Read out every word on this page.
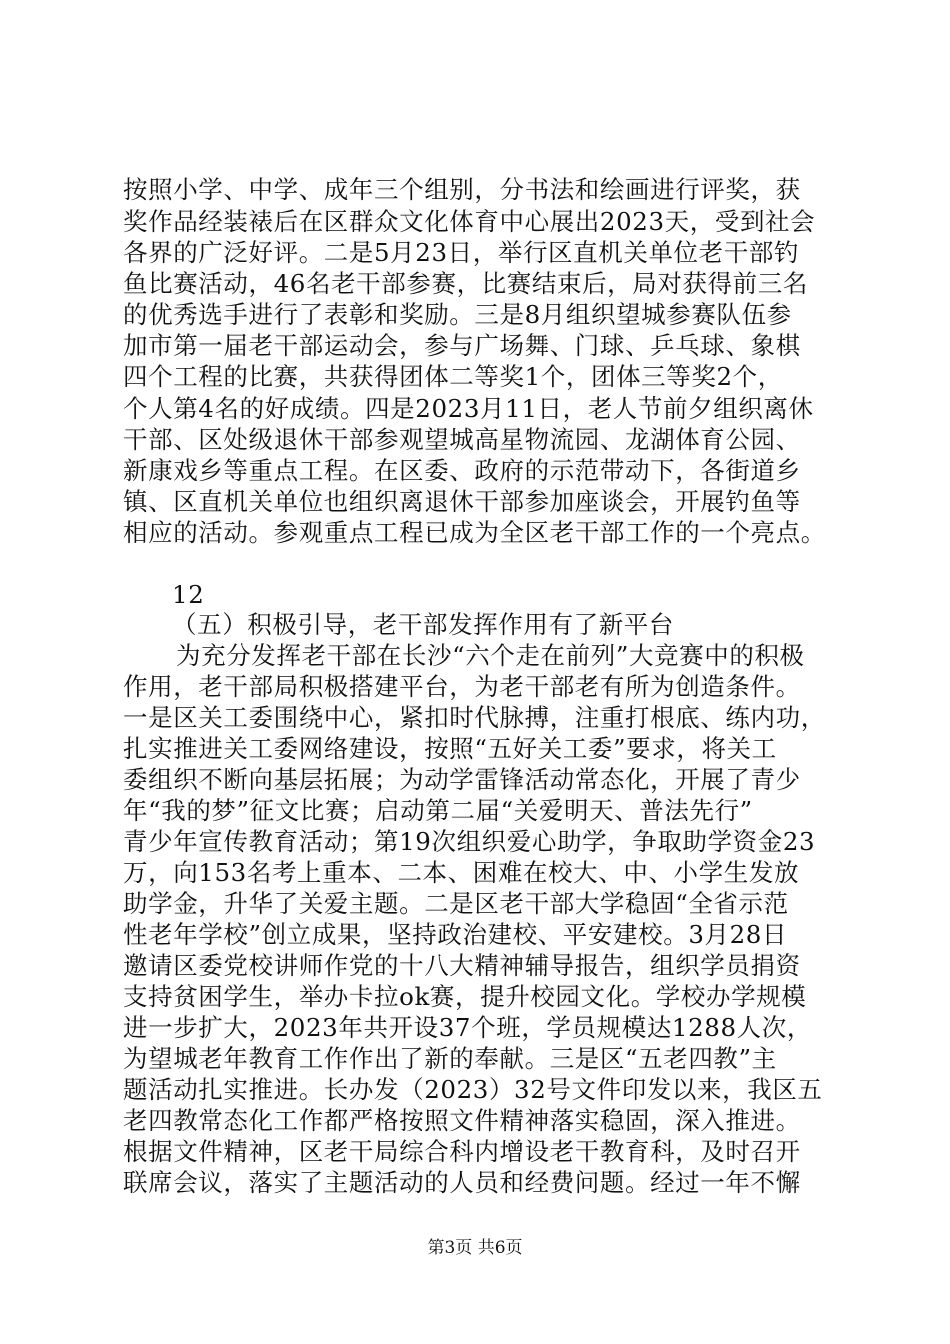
按照小学、中学、成年三个组别，分书法和绘画进行评奖，获
奖作品经装裱后在区群众文化体育中心展出2023天，受到社会
各界的广泛好评。二是5月23日，举行区直机关单位老干部钓
鱼比赛活动，46名老干部参赛，比赛结束后，局对获得前三名
的优秀选手进行了表彰和奖励。三是8月组织望城参赛队伍参
加市第一届老干部运动会，参与广场舞、门球、乒乓球、象棋
四个工程的比赛，共获得团体二等奖1个，团体三等奖2个，
个人第4名的好成绩。四是2023月11日，老人节前夕组织离休
干部、区处级退休干部参观望城高星物流园、龙湖体育公园、
新康戏乡等重点工程。在区委、政府的示范带动下，各街道乡
镇、区直机关单位也组织离退休干部参加座谈会，开展钓鱼等
相应的活动。参观重点工程已成为全区老干部工作的一个亮点。
12
（五）积极引导，老干部发挥作用有了新平台
为充分发挥老干部在长沙“六个走在前列”大竞赛中的积极
作用，老干部局积极搭建平台，为老干部老有所为创造条件。
一是区关工委围绕中心，紧扣时代脉搏，注重打根底、练内功，
扎实推进关工委网络建设，按照“五好关工委”要求，将关工
委组织不断向基层拓展；为动学雷锋活动常态化，开展了青少
年“我的梦”征文比赛；启动第二届“关爱明天、普法先行”
青少年宣传教育活动；第19次组织爱心助学，争取助学资金23
万，向153名考上重本、二本、困难在校大、中、小学生发放
助学金，升华了关爱主题。二是区老干部大学稳固“全省示范
性老年学校”创立成果，坚持政治建校、平安建校。3月28日
邀请区委党校讲师作党的十八大精神辅导报告，组织学员捐资
支持贫困学生，举办卡拉ok赛，提升校园文化。学校办学规模
进一步扩大，2023年共开设37个班，学员规模达1288人次，
为望城老年教育工作作出了新的奉献。三是区“五老四教”主
题活动扎实推进。长办发（2023）32号文件印发以来，我区五
老四教常态化工作都严格按照文件精神落实稳固，深入推进。
根据文件精神，区老干局综合科内增设老干教育科，及时召开
联席会议，落实了主题活动的人员和经费问题。经过一年不懈
第3页 共6页
